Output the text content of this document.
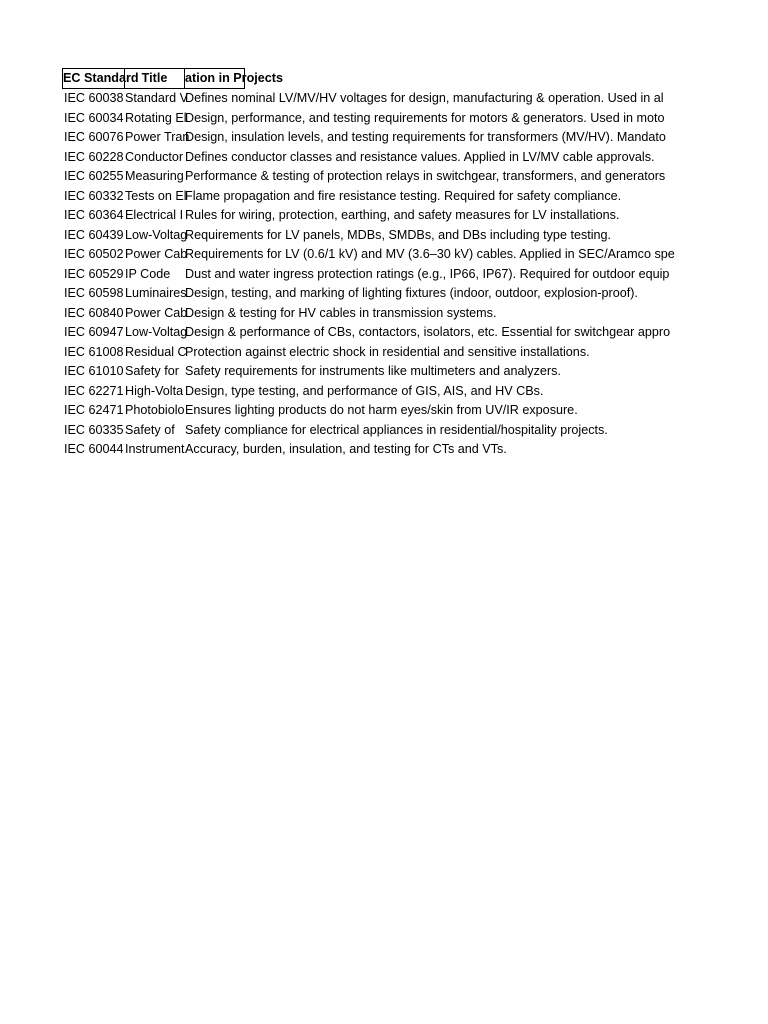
EC Standard Title	ation in Projects
IEC 60038 Standard V
Defines nominal LV/MV/HV voltages for design, manufacturing & operation. Used in al
IEC 60034 Rotating El
Design, performance, and testing requirements for motors & generators. Used in moto
IEC 60076 Power Tran
Design, insulation levels, and testing requirements for transformers (MV/HV). Mandato
IEC 60228 Conductor Defines conductor classes and resistance values. Applied in LV/MV cable approvals.
IEC 60255 Measuring Performance & testing of protection relays in switchgear, transformers, and generators
IEC 60332 Tests on El
Flame propagation and fire resistance testing. Required for safety compliance.
IEC 60364 Electrical I Rules for wiring, protection, earthing, and safety measures for LV installations.
IEC 60439 Low-Voltag
Requirements for LV panels, MDBs, SMDBs, and DBs including type testing.
IEC 60502 Power Cab
Requirements for LV (0.6/1 kV) and MV (3.6–30 kV) cables. Applied in SEC/Aramco spe
IEC 60529 IP Code	Dust and water ingress protection ratings (e.g., IP66, IP67). Required for outdoor equip
IEC 60598 Luminaires
Design, testing, and marking of lighting fixtures (indoor, outdoor, explosion-proof).
IEC 60840 Power Cab
Design & testing for HV cables in transmission systems.
IEC 60947 Low-Voltag
Design & performance of CBs, contactors, isolators, etc. Essential for switchgear appro
IEC 61008 Residual C
Protection against electric shock in residential and sensitive installations.
IEC 61010 Safety for Safety requirements for instruments like multimeters and analyzers.
IEC 62271 High-Volta Design, type testing, and performance of GIS, AIS, and HV CBs.
IEC 62471 Photobiolo Ensures lighting products do not harm eyes/skin from UV/IR exposure.
IEC 60335 Safety of Safety compliance for electrical appliances in residential/hospitality projects.
IEC 60044 Instrument Accuracy, burden, insulation, and testing for CTs and VTs.
